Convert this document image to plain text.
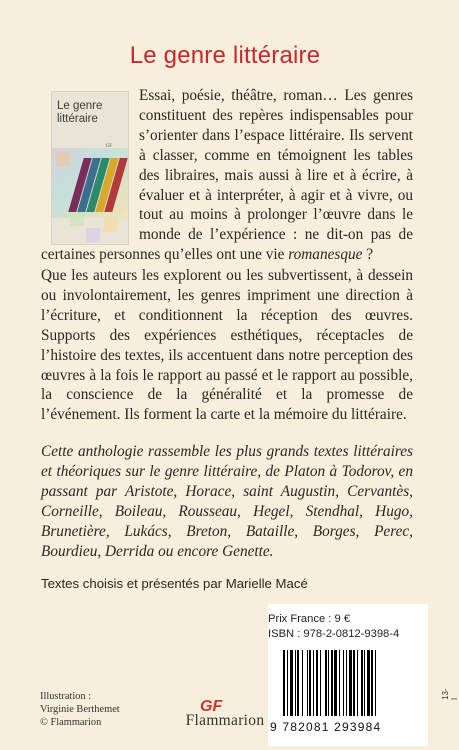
Le genre littéraire
Le genre
littéraire
GF

Essai, poésie, théâtre, roman… Les genres constituent des repères indispensables pour s’orienter dans l’espace littéraire. Ils servent à classer, comme en témoignent les tables des libraires, mais aussi à lire et à écrire, à évaluer et à interpréter, à agir et à vivre, ou tout au moins à prolonger l’œuvre dans le monde de l’expérience : ne dit-on pas de certaines personnes qu’elles ont une vie romanesque ?

Que les auteurs les explorent ou les subvertissent, à dessein ou involontairement, les genres impriment une direction à l’écriture, et conditionnent la réception des œuvres. Supports des expériences esthétiques, réceptacles de l’histoire des textes, ils accentuent dans notre perception des œuvres à la fois le rapport au passé et le rapport au possible, la conscience de la généralité et la promesse de l’événement. Ils forment la carte et la mémoire du littéraire.

Cette anthologie rassemble les plus grands textes littéraires et théoriques sur le genre littéraire, de Platon à Todorov, en passant par Aristote, Horace, saint Augustin, Cervantès, Corneille, Boileau, Rousseau, Hegel, Stendhal, Hugo, Brunetière, Lukács, Breton, Bataille, Borges, Perec, Bourdieu, Derrida ou encore Genette.

Textes choisis et présentés par Marielle Macé
Prix France : 9 €
ISBN : 978-2-0812-9398-4
9 782081 293984
Illustration :
Virginie Berthemet
© Flammarion
GF
Flammarion
13-I
